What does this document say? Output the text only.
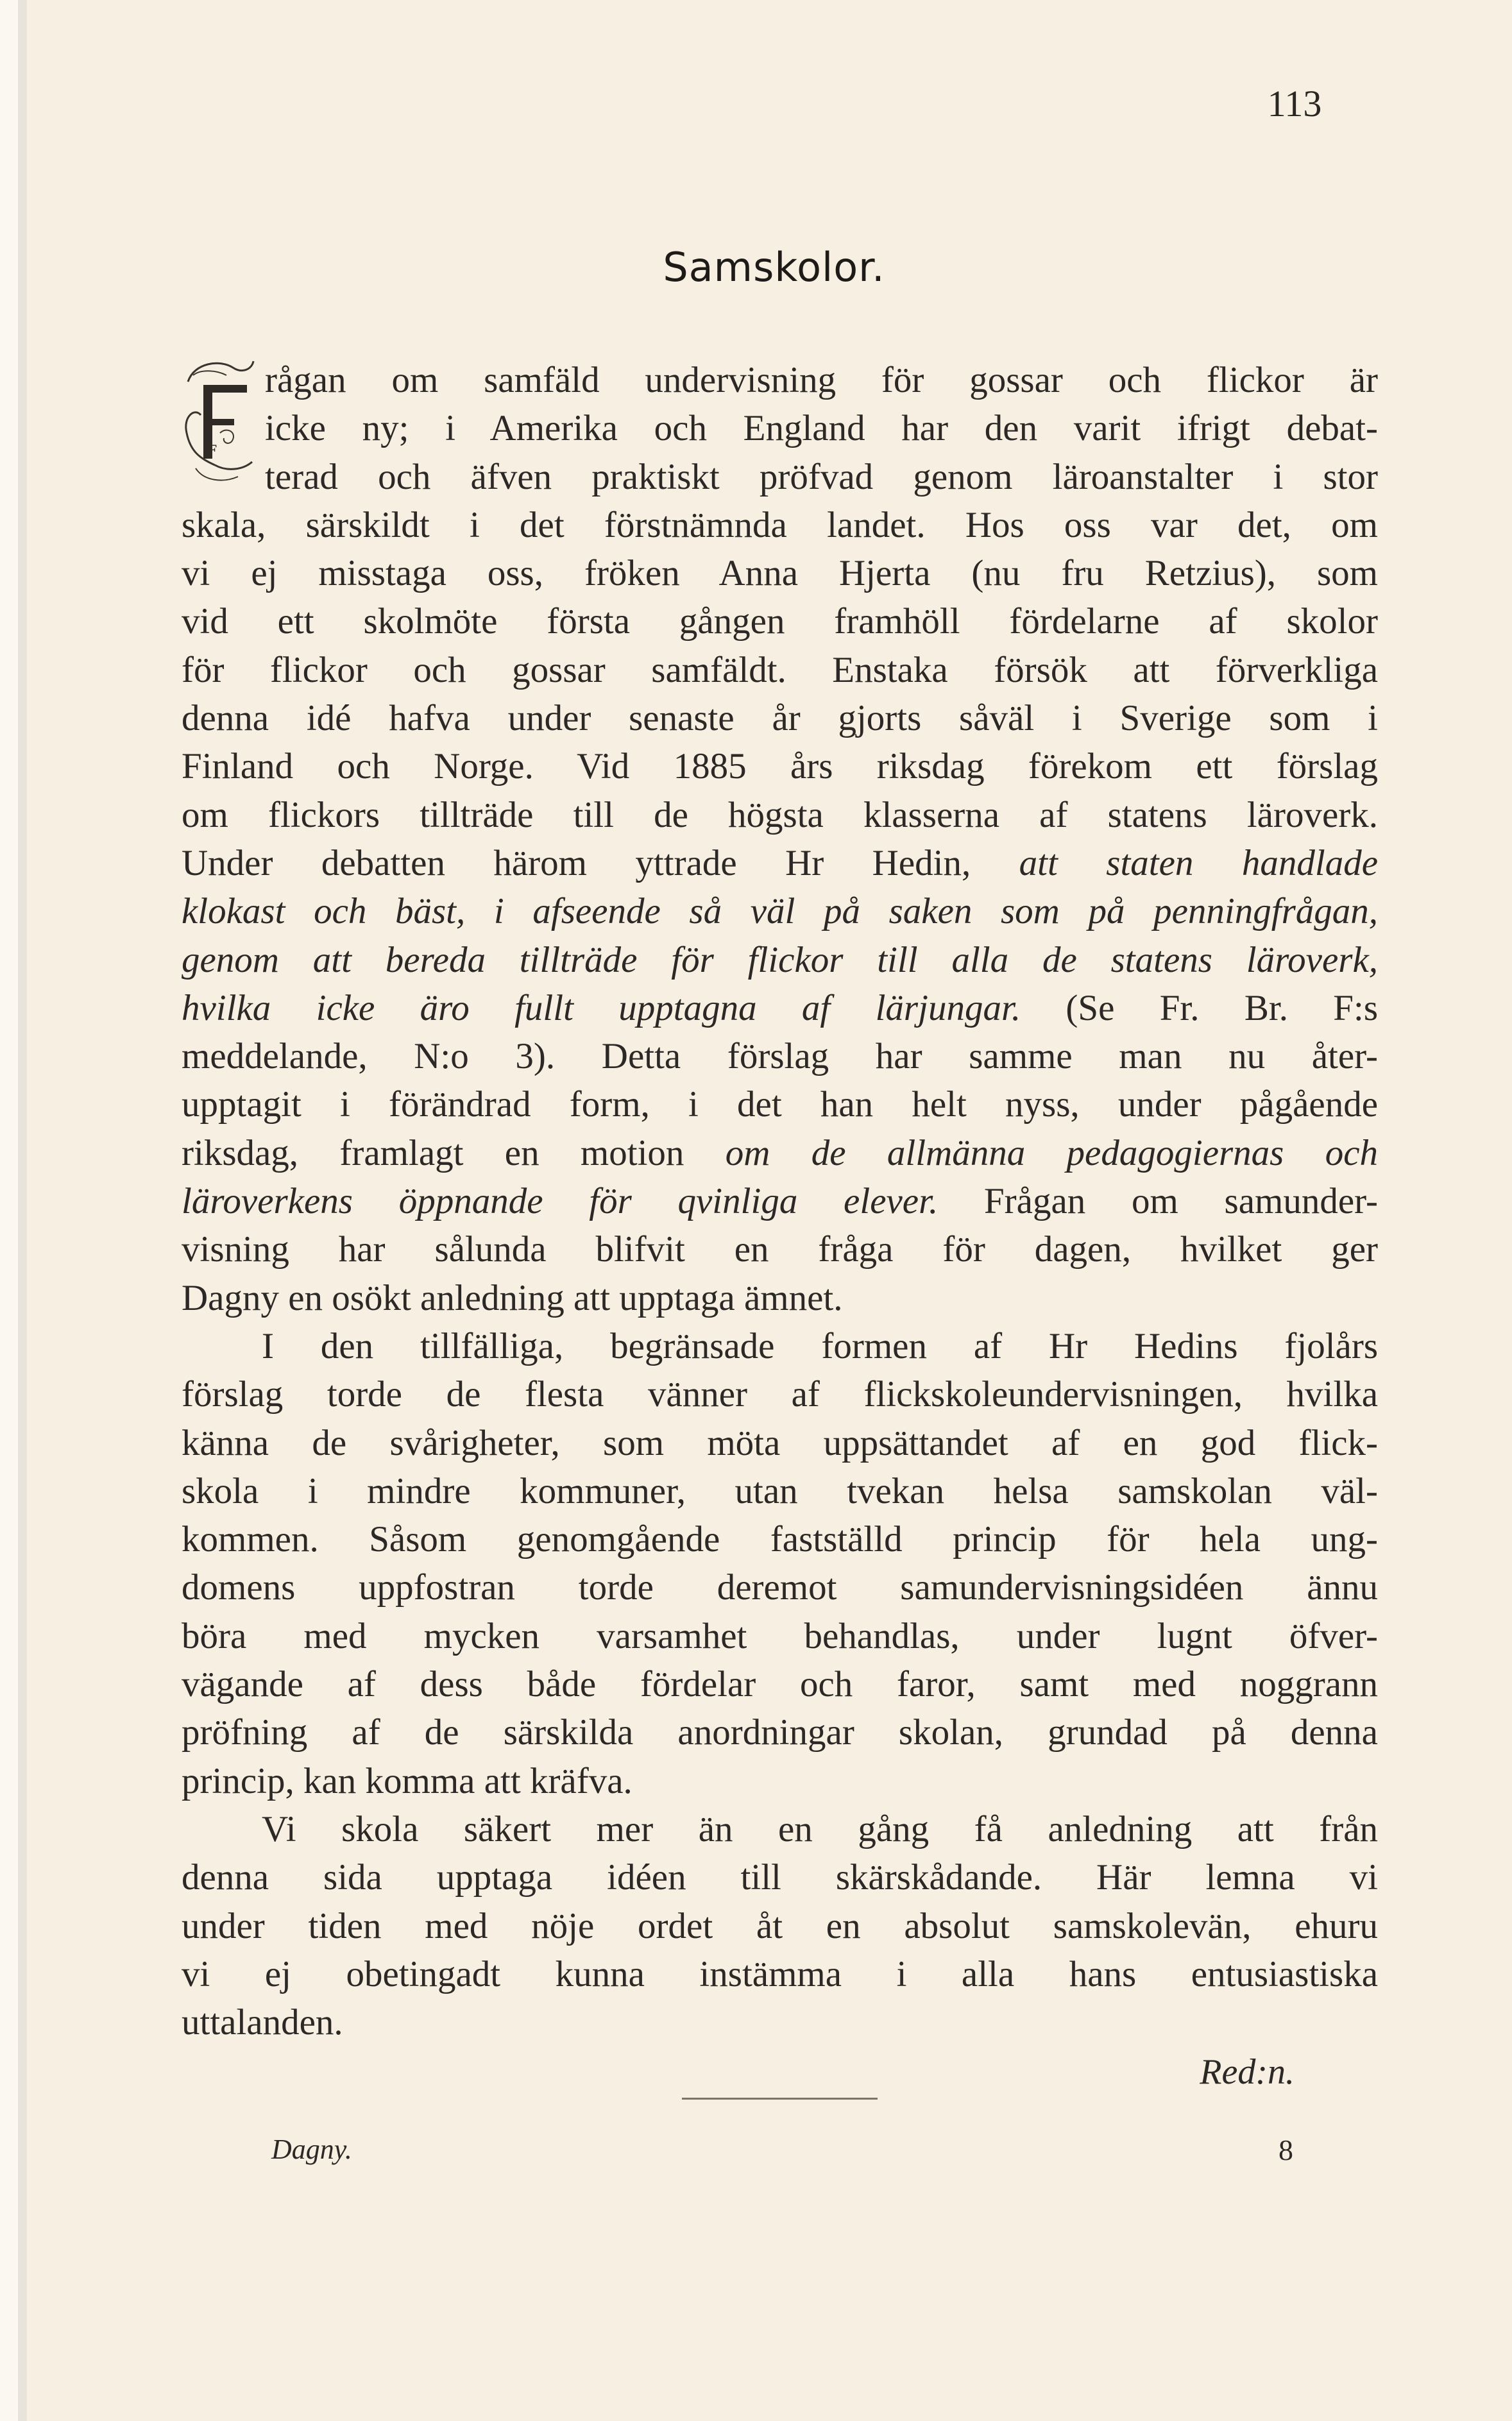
113
Samskolor.
F
rågan om samfäld undervisning för gossar och flickor är
icke ny; i Amerika och England har den varit ifrigt debat-
terad och äfven praktiskt pröfvad genom läroanstalter i stor
skala, särskildt i det förstnämnda landet. Hos oss var det, om
vi ej misstaga oss, fröken Anna Hjerta (nu fru Retzius), som
vid ett skolmöte första gången framhöll fördelarne af skolor
för flickor och gossar samfäldt. Enstaka försök att förverkliga
denna idé hafva under senaste år gjorts såväl i Sverige som i
Finland och Norge. Vid 1885 års riksdag förekom ett förslag
om flickors tillträde till de högsta klasserna af statens läroverk.
Under debatten härom yttrade Hr Hedin, att staten handlade
klokast och bäst, i afseende så väl på saken som på penningfrågan,
genom att bereda tillträde för flickor till alla de statens läroverk,
hvilka icke äro fullt upptagna af lärjungar. (Se Fr. Br. F:s
meddelande, N:o 3). Detta förslag har samme man nu åter-
upptagit i förändrad form, i det han helt nyss, under pågående
riksdag, framlagt en motion om de allmänna pedagogiernas och
läroverkens öppnande för qvinliga elever. Frågan om samunder-
visning har sålunda blifvit en fråga för dagen, hvilket ger
Dagny en osökt anledning att upptaga ämnet.
I den tillfälliga, begränsade formen af Hr Hedins fjolårs
förslag torde de flesta vänner af flickskoleundervisningen, hvilka
känna de svårigheter, som möta uppsättandet af en god flick-
skola i mindre kommuner, utan tvekan helsa samskolan väl-
kommen. Såsom genomgående fastställd princip för hela ung-
domens uppfostran torde deremot samundervisningsidéen ännu
böra med mycken varsamhet behandlas, under lugnt öfver-
vägande af dess både fördelar och faror, samt med noggrann
pröfning af de särskilda anordningar skolan, grundad på denna
princip, kan komma att kräfva.
Vi skola säkert mer än en gång få anledning att från
denna sida upptaga idéen till skärskådande. Här lemna vi
under tiden med nöje ordet åt en absolut samskolevän, ehuru
vi ej obetingadt kunna instämma i alla hans entusiastiska
uttalanden.
Red:n.
Dagny.	8
